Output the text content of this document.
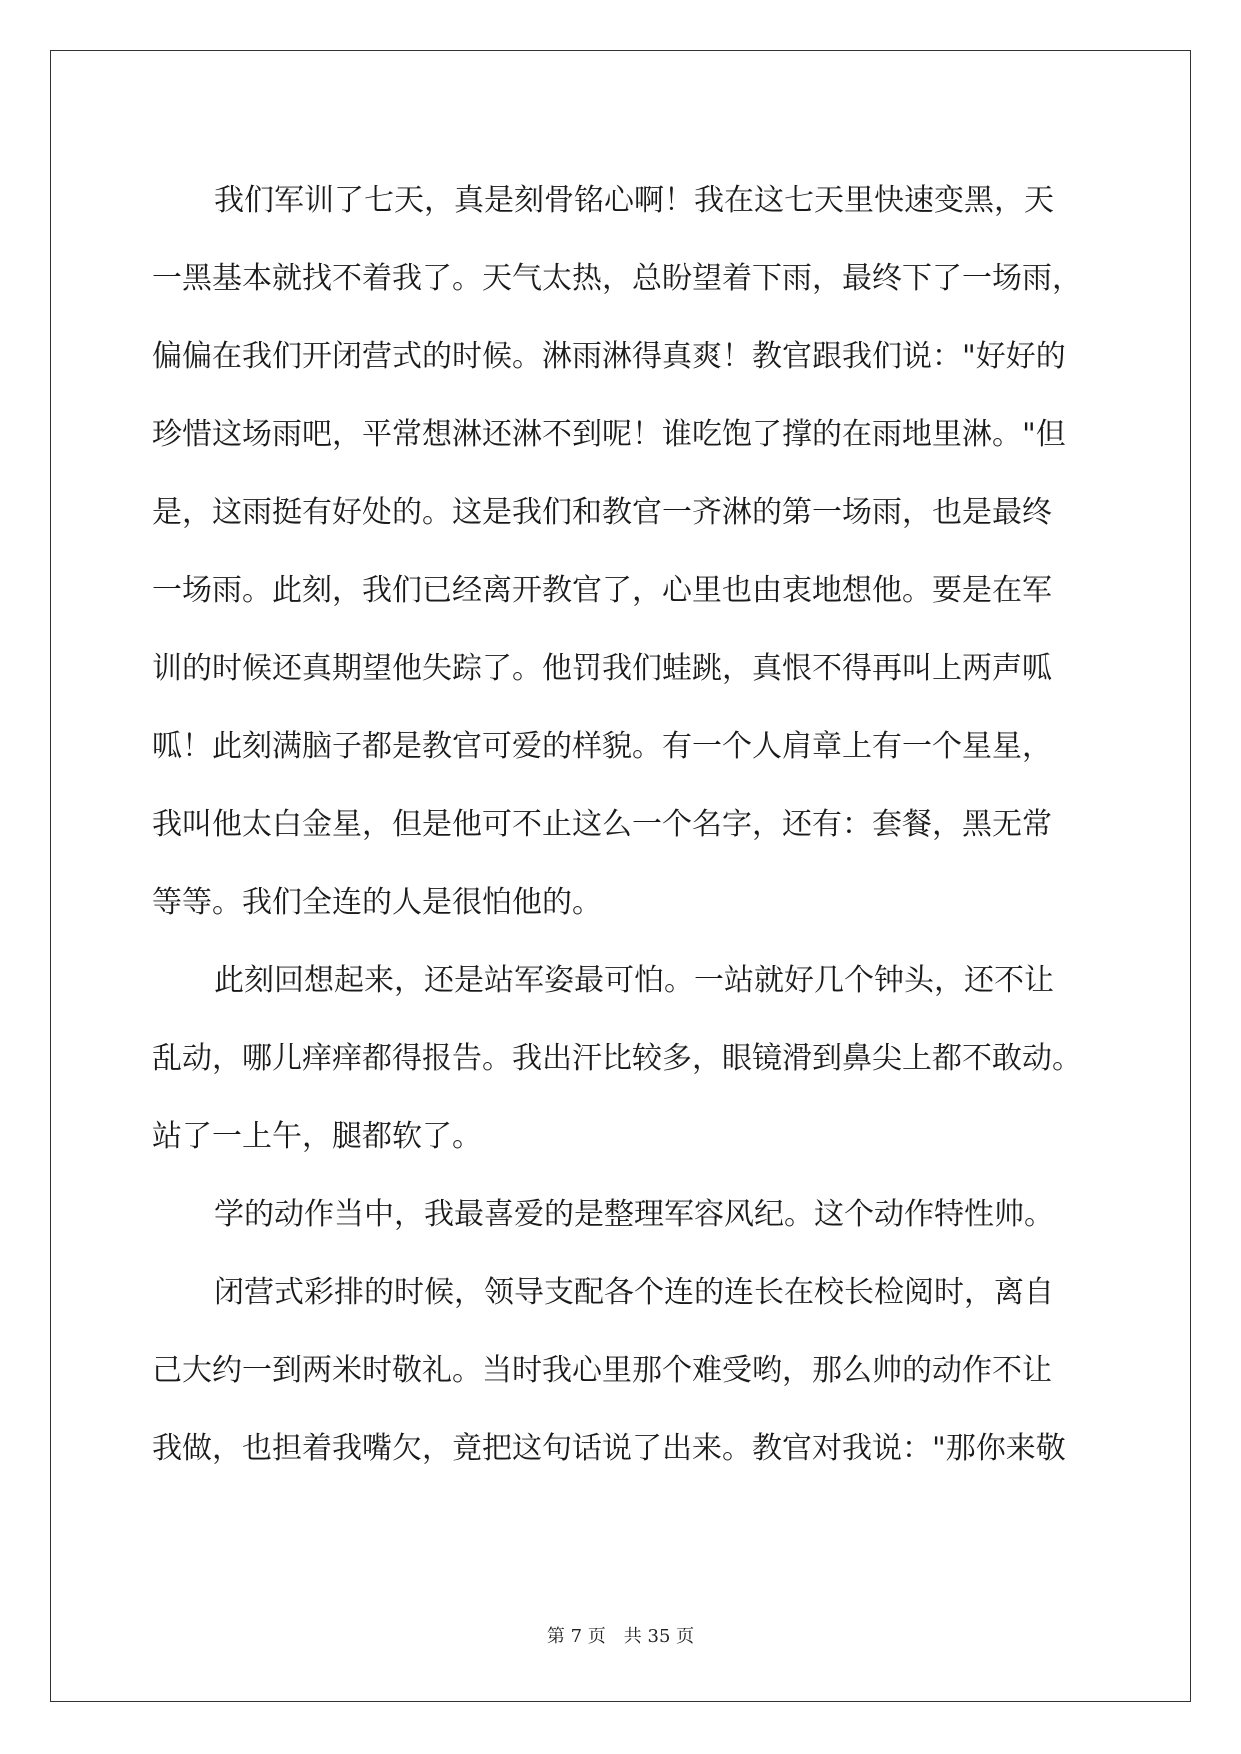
我们军训了七天，真是刻骨铭心啊！我在这七天里快速变黑，天
一黑基本就找不着我了。天气太热，总盼望着下雨，最终下了一场雨，
偏偏在我们开闭营式的时候。淋雨淋得真爽！教官跟我们说："好好的
珍惜这场雨吧，平常想淋还淋不到呢！谁吃饱了撑的在雨地里淋。"但
是，这雨挺有好处的。这是我们和教官一齐淋的第一场雨，也是最终
一场雨。此刻，我们已经离开教官了，心里也由衷地想他。要是在军
训的时候还真期望他失踪了。他罚我们蛙跳，真恨不得再叫上两声呱
呱！此刻满脑子都是教官可爱的样貌。有一个人肩章上有一个星星，
我叫他太白金星，但是他可不止这么一个名字，还有：套餐，黑无常
等等。我们全连的人是很怕他的。
此刻回想起来，还是站军姿最可怕。一站就好几个钟头，还不让
乱动，哪儿痒痒都得报告。我出汗比较多，眼镜滑到鼻尖上都不敢动。
站了一上午，腿都软了。
学的动作当中，我最喜爱的是整理军容风纪。这个动作特性帅。
闭营式彩排的时候，领导支配各个连的连长在校长检阅时，离自
己大约一到两米时敬礼。当时我心里那个难受哟，那么帅的动作不让
我做，也担着我嘴欠，竟把这句话说了出来。教官对我说："那你来敬
第 7 页　共 35 页
